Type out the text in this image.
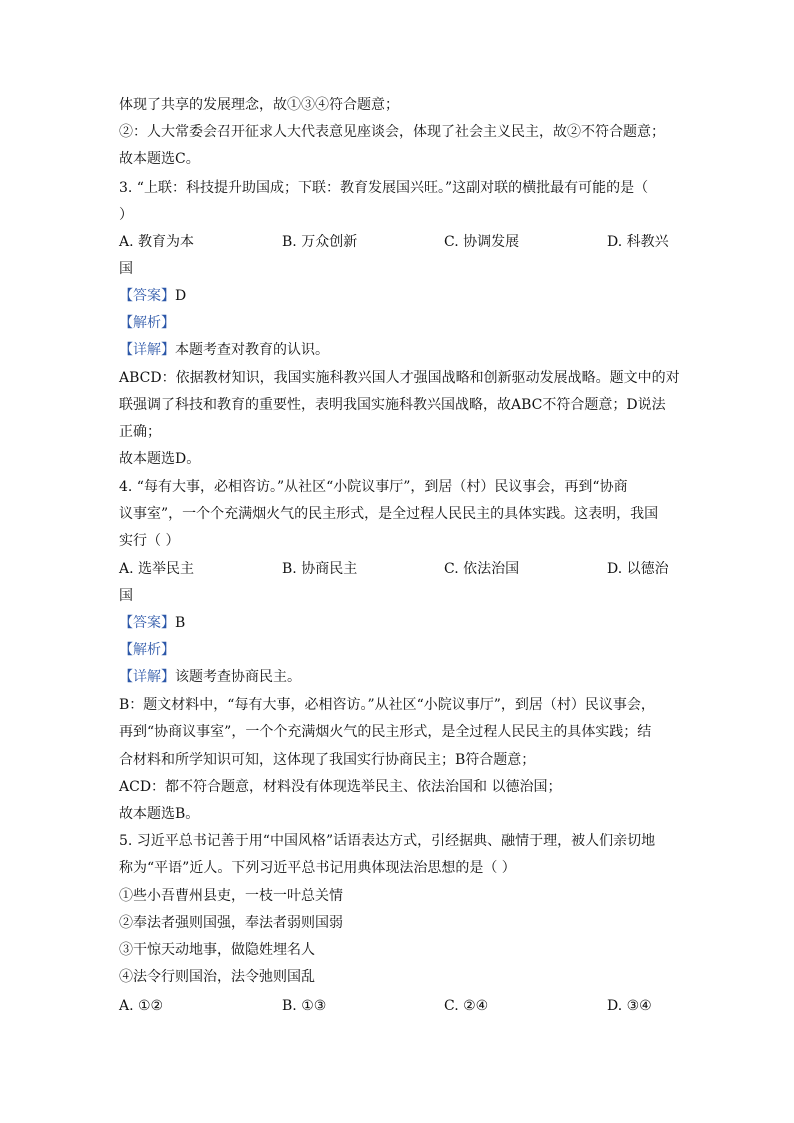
体现了共享的发展理念，故①③④符合题意；
②：人大常委会召开征求人大代表意见座谈会，体现了社会主义民主，故②不符合题意；
故本题选C。
3. “上联：科技提升助国成；下联：教育发展国兴旺。”这副对联的横批最有可能的是（
）
A. 教育为本	B. 万众创新	C. 协调发展	D. 科教兴
国
【答案】D
【解析】
【详解】本题考查对教育的认识。
ABCD：依据教材知识，我国实施科教兴国人才强国战略和创新驱动发展战略。题文中的对
联强调了科技和教育的重要性，表明我国实施科教兴国战略，故ABC不符合题意；D说法
正确；
故本题选D。
4. “每有大事，必相咨访。”从社区“小院议事厅”，到居（村）民议事会，再到“协商
议事室”，一个个充满烟火气的民主形式，是全过程人民民主的具体实践。这表明，我国
实行（ ）
A. 选举民主	B. 协商民主	C. 依法治国	D. 以德治
国
【答案】B
【解析】
【详解】该题考查协商民主。
B：题文材料中，“每有大事，必相咨访。”从社区“小院议事厅”，到居（村）民议事会，
再到“协商议事室”，一个个充满烟火气的民主形式，是全过程人民民主的具体实践；结
合材料和所学知识可知，这体现了我国实行协商民主；B符合题意；
ACD：都不符合题意，材料没有体现选举民主、依法治国和 以德治国；
故本题选B。
5. 习近平总书记善于用“中国风格”话语表达方式，引经据典、融情于理，被人们亲切地
称为“平语”近人。下列习近平总书记用典体现法治思想的是（ ）
①些小吾曹州县吏，一枝一叶总关情
②奉法者强则国强，奉法者弱则国弱
③干惊天动地事，做隐姓埋名人
④法令行则国治，法令弛则国乱
A. ①②	B. ①③	C. ②④	D. ③④
